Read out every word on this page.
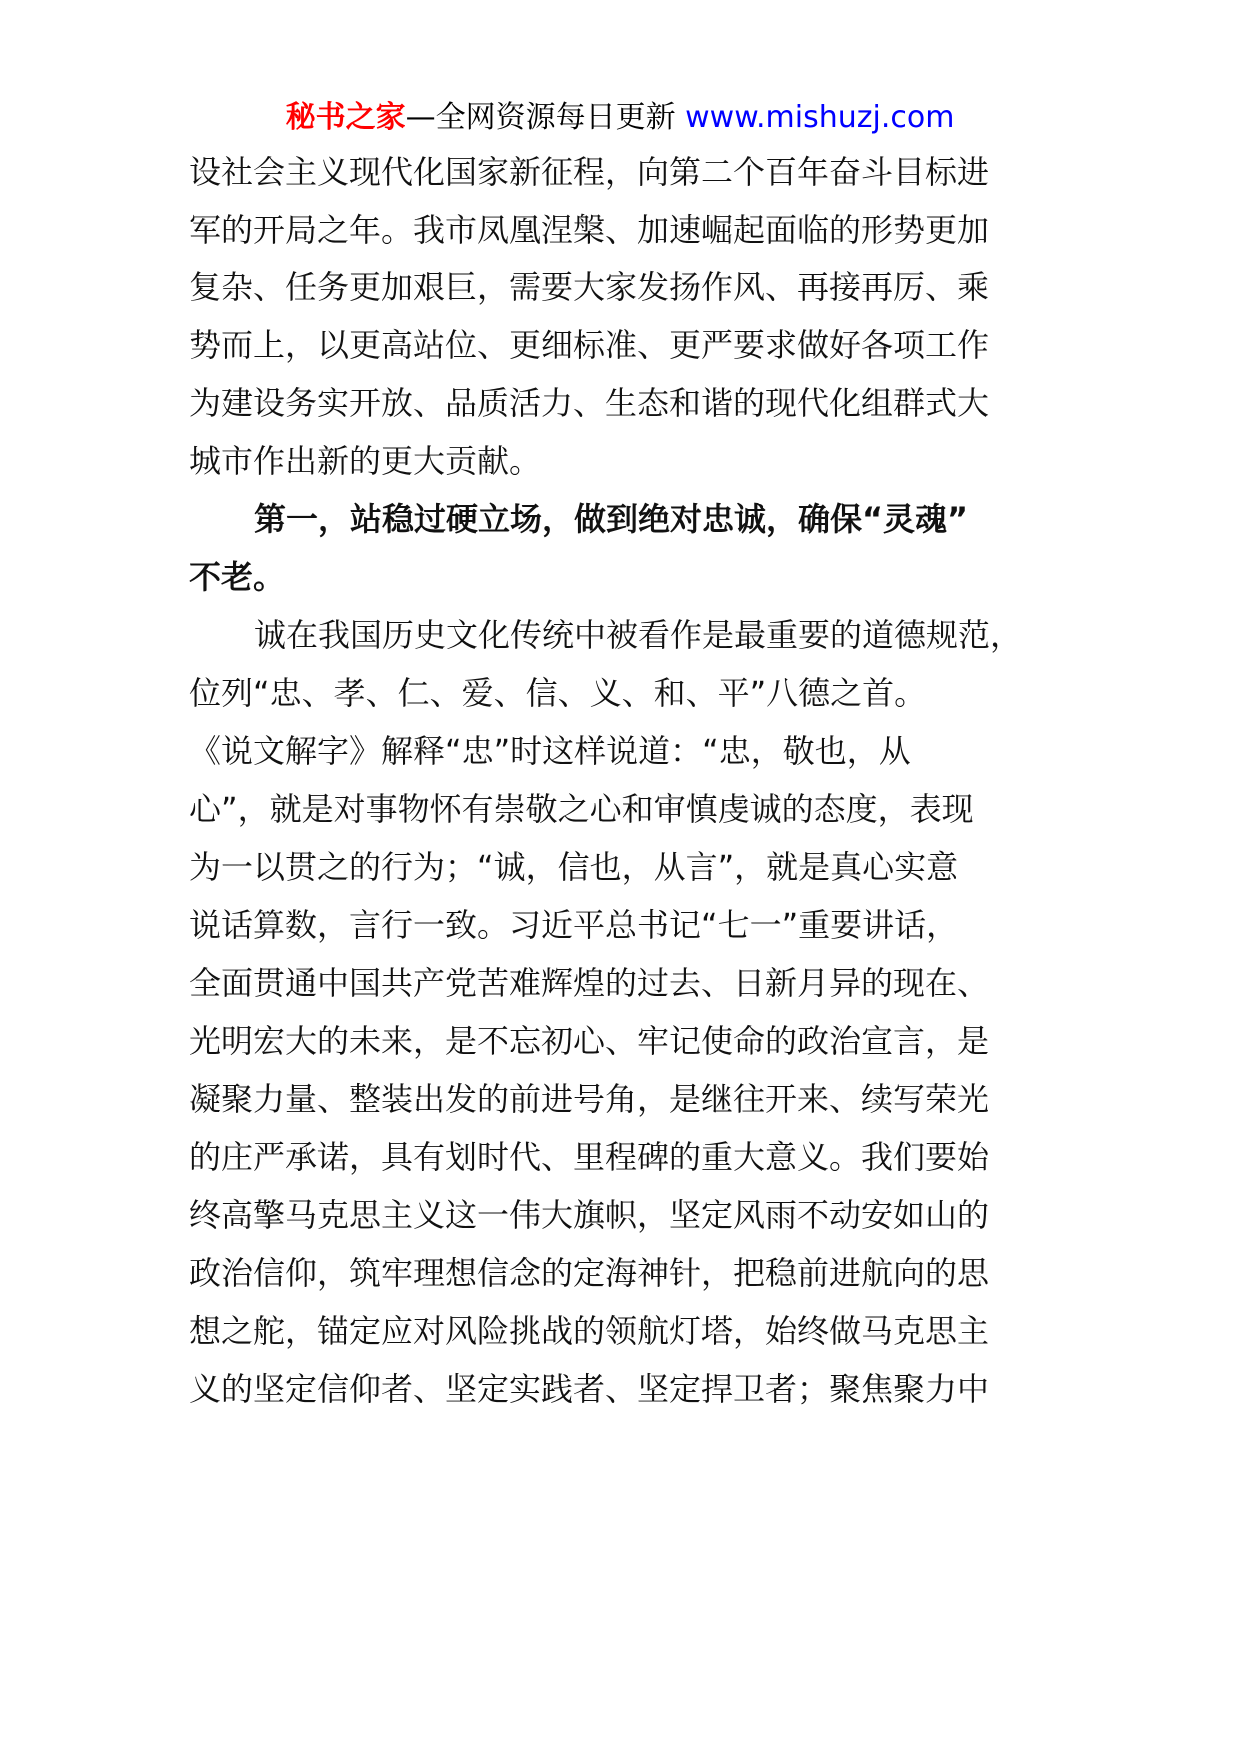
秘书之家—全网资源每日更新 www.mishuzj.com
设社会主义现代化国家新征程，向第二个百年奋斗目标进
军的开局之年。我市凤凰涅槃、加速崛起面临的形势更加
复杂、任务更加艰巨，需要大家发扬作风、再接再厉、乘
势而上，以更高站位、更细标准、更严要求做好各项工作
为建设务实开放、品质活力、生态和谐的现代化组群式大
城市作出新的更大贡献。
第一，站稳过硬立场，做到绝对忠诚，确保“灵魂”
不老。
诚在我国历史文化传统中被看作是最重要的道德规范，
位列“忠、孝、仁、爱、信、义、和、平”八德之首。
《说文解字》解释“忠”时这样说道：“忠，敬也，从
心”，就是对事物怀有崇敬之心和审慎虔诚的态度，表现
为一以贯之的行为；“诚，信也，从言”，就是真心实意
说话算数，言行一致。习近平总书记“七一”重要讲话，
全面贯通中国共产党苦难辉煌的过去、日新月异的现在、
光明宏大的未来，是不忘初心、牢记使命的政治宣言，是
凝聚力量、整装出发的前进号角，是继往开来、续写荣光
的庄严承诺，具有划时代、里程碑的重大意义。我们要始
终高擎马克思主义这一伟大旗帜，坚定风雨不动安如山的
政治信仰，筑牢理想信念的定海神针，把稳前进航向的思
想之舵，锚定应对风险挑战的领航灯塔，始终做马克思主
义的坚定信仰者、坚定实践者、坚定捍卫者；聚焦聚力中
